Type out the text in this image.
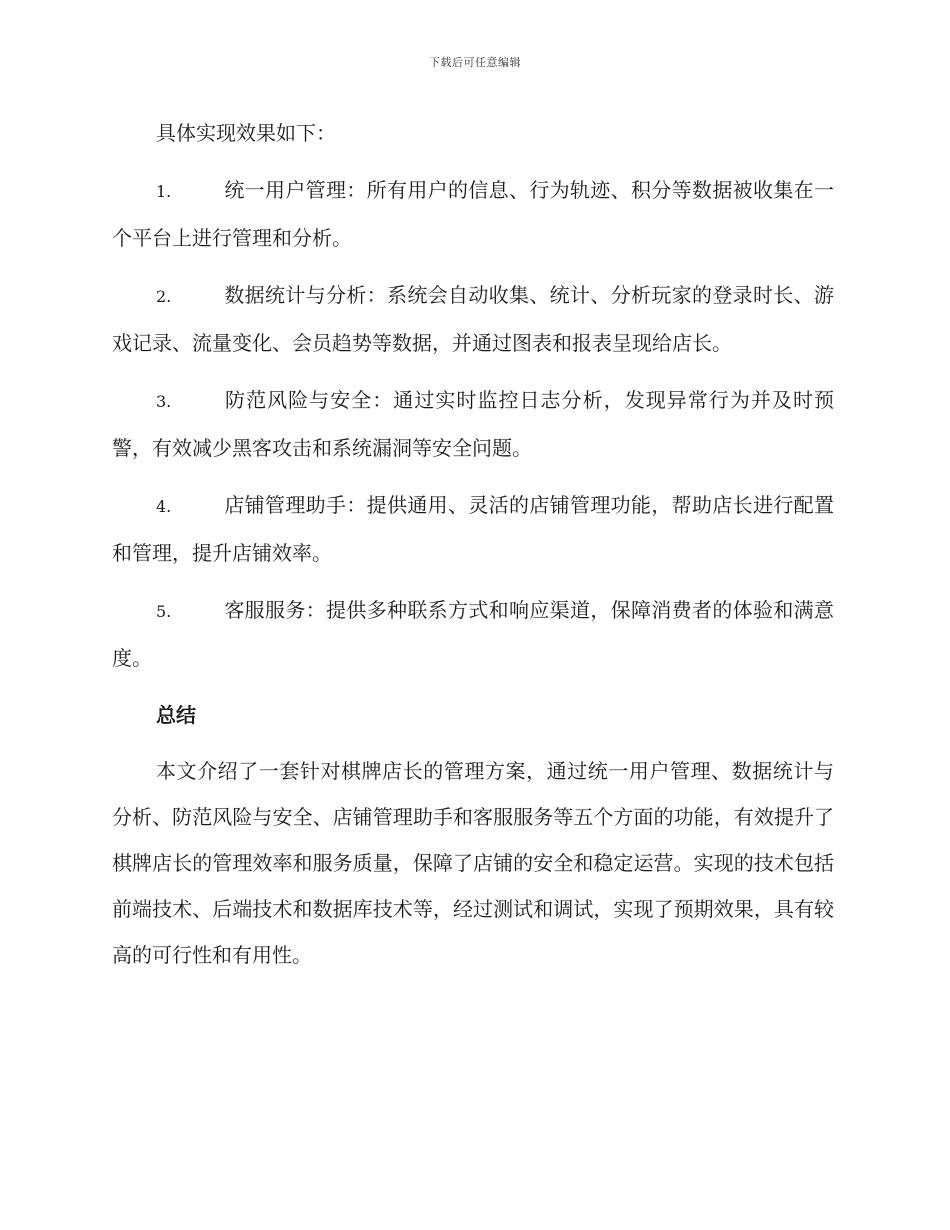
下载后可任意编辑

具体实现效果如下：

1.	统一用户管理：所有用户的信息、行为轨迹、积分等数据被收集在一个平台上进行管理和分析。

2.	数据统计与分析：系统会自动收集、统计、分析玩家的登录时长、游戏记录、流量变化、会员趋势等数据，并通过图表和报表呈现给店长。

3.	防范风险与安全：通过实时监控日志分析，发现异常行为并及时预警，有效减少黑客攻击和系统漏洞等安全问题。

4.	店铺管理助手：提供通用、灵活的店铺管理功能，帮助店长进行配置和管理，提升店铺效率。

5.	客服服务：提供多种联系方式和响应渠道，保障消费者的体验和满意度。

总结

本文介绍了一套针对棋牌店长的管理方案，通过统一用户管理、数据统计与分析、防范风险与安全、店铺管理助手和客服服务等五个方面的功能，有效提升了棋牌店长的管理效率和服务质量，保障了店铺的安全和稳定运营。实现的技术包括前端技术、后端技术和数据库技术等，经过测试和调试，实现了预期效果，具有较高的可行性和有用性。
